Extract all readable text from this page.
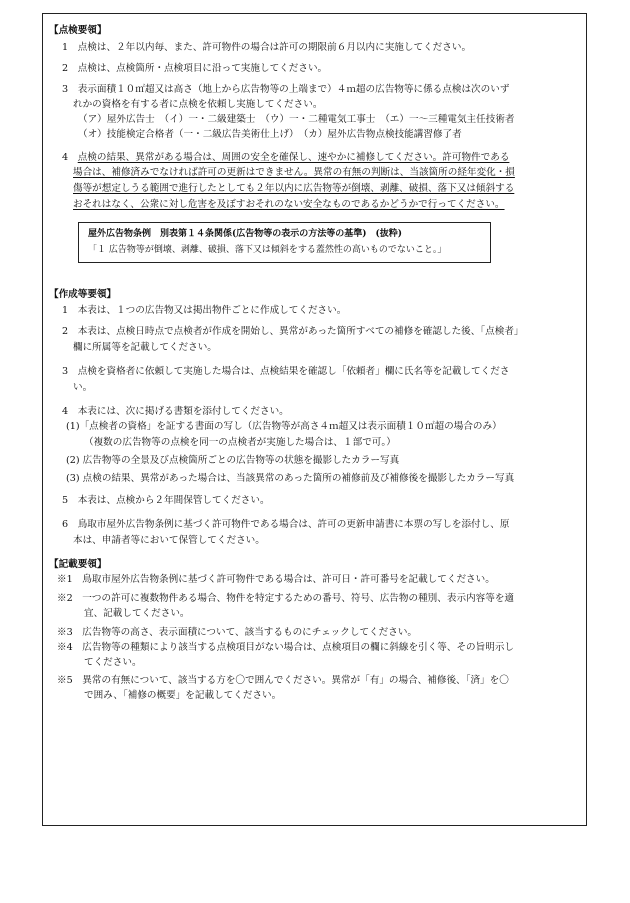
【点検要領】
1　点検は、２年以内毎、また、許可物件の場合は許可の期限前６月以内に実施してください。
2　点検は、点検箇所・点検項目に沿って実施してください。
3　表示面積１０㎡超又は高さ（地上から広告物等の上端まで）４ｍ超の広告物等に係る点検は次のいず
れかの資格を有する者に点検を依頼し実施してください。
（ア）屋外広告士　（イ）一・二級建築士　（ウ）一・二種電気工事士　（エ）一〜三種電気主任技術者
（オ）技能検定合格者（一・二級広告美術仕上げ）　（カ）屋外広告物点検技能講習修了者
4　点検の結果、異常がある場合は、周囲の安全を確保し、速やかに補修してください。許可物件である
場合は、補修済みでなければ許可の更新はできません。異常の有無の判断は、当該箇所の経年変化・損
傷等が想定しうる範囲で進行したとしても２年以内に広告物等が倒壊、剥離、破損、落下又は傾斜する
おそれはなく、公衆に対し危害を及ぼすおそれのない安全なものであるかどうかで行ってください。
屋外広告物条例　別表第１４条関係(広告物等の表示の方法等の基準)　(抜粋)
「１ 広告物等が倒壊、剥離、破損、落下又は傾斜をする蓋然性の高いものでないこと。」
【作成等要領】
1　本表は、１つの広告物又は掲出物件ごとに作成してください。
2　本表は、点検日時点で点検者が作成を開始し、異常があった箇所すべての補修を確認した後、「点検者」
欄に所属等を記載してください。
3　点検を資格者に依頼して実施した場合は、点検結果を確認し「依頼者」欄に氏名等を記載してくださ
い。
4　本表には、次に掲げる書類を添付してください。
(1)「点検者の資格」を証する書面の写し（広告物等が高さ４ｍ超又は表示面積１０㎡超の場合のみ）
（複数の広告物等の点検を同一の点検者が実施した場合は、１部で可。）
(2) 広告物等の全景及び点検箇所ごとの広告物等の状態を撮影したカラー写真
(3) 点検の結果、異常があった場合は、当該異常のあった箇所の補修前及び補修後を撮影したカラー写真
5　本表は、点検から２年間保管してください。
6　鳥取市屋外広告物条例に基づく許可物件である場合は、許可の更新申請書に本票の写しを添付し、原
本は、申請者等において保管してください。
【記載要領】
※1　鳥取市屋外広告物条例に基づく許可物件である場合は、許可日・許可番号を記載してください。
※2　一つの許可に複数物件ある場合、物件を特定するための番号、符号、広告物の種別、表示内容等を適
宜、記載してください。
※3　広告物等の高さ、表示面積について、該当するものにチェックしてください。
※4　広告物等の種類により該当する点検項目がない場合は、点検項目の欄に斜線を引く等、その旨明示し
てください。
※5　異常の有無について、該当する方を〇で囲んでください。異常が「有」の場合、補修後、「済」を〇
で囲み、「補修の概要」を記載してください。
